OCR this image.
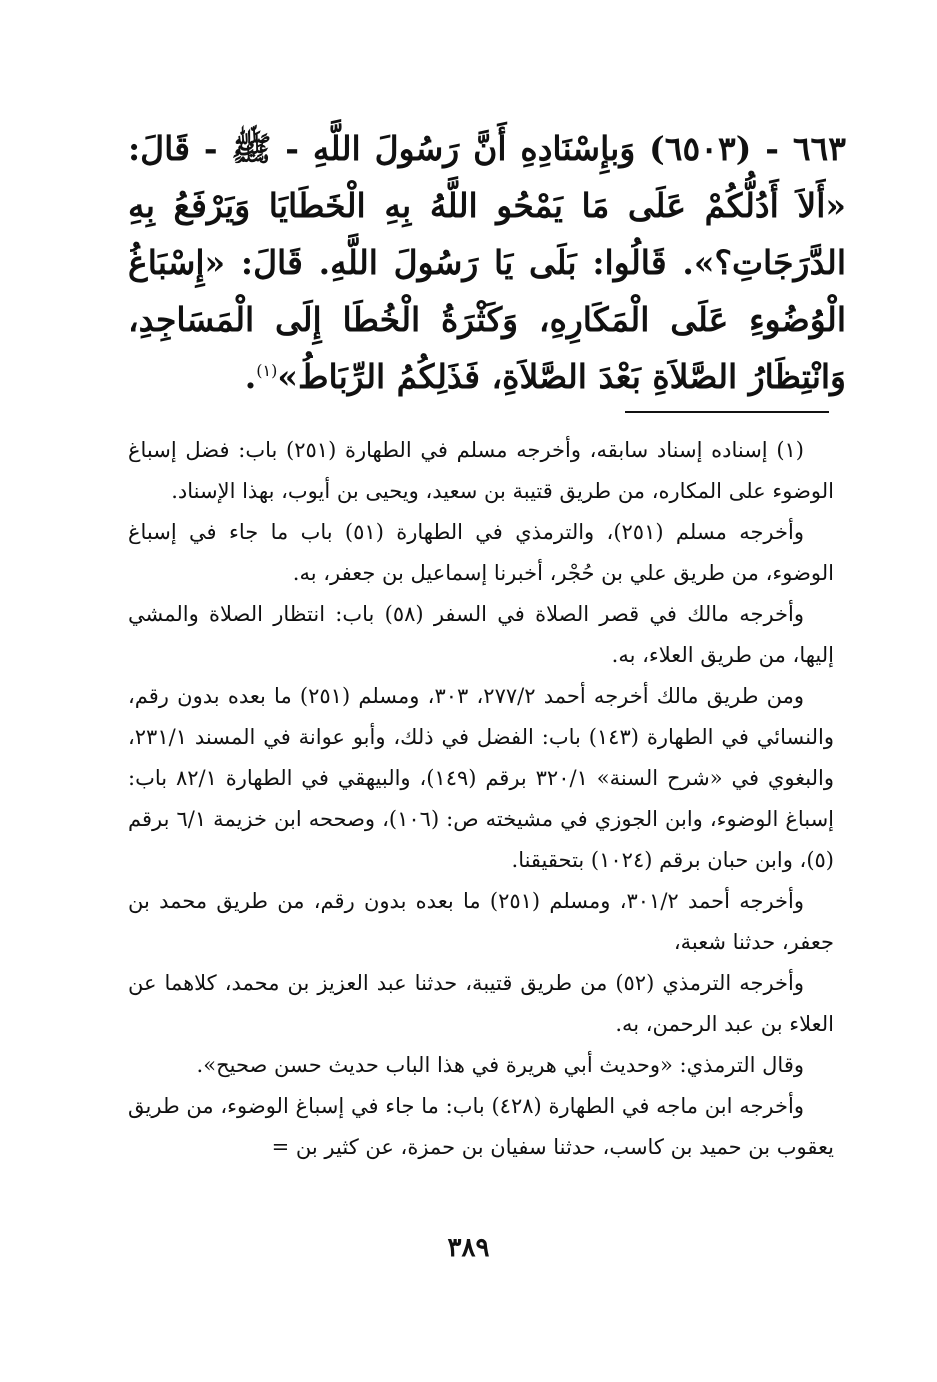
٦٦٣ - (٦٥٠٣) وَبإِسْنَادِهِ أَنَّ رَسُولَ اللَّهِ - ﷺ - قَالَ: «أَلاَ أَدُلُّكُمْ عَلَى مَا يَمْحُو اللَّهُ بِهِ الْخَطَايَا وَيَرْفَعُ بِهِ الدَّرَجَاتِ؟». قَالُوا: بَلَى يَا رَسُولَ اللَّهِ. قَالَ: «إِسْبَاغُ الْوُضُوءِ عَلَى الْمَكَارِهِ، وَكَثْرَةُ الْخُطَا إِلَى الْمَسَاجِدِ، وَانْتِظَارُ الصَّلاَةِ بَعْدَ الصَّلاَةِ، فَذَلِكُمُ الرِّبَاطُ»$^{(١)}$.

(١) إسناده إسناد سابقه، وأخرجه مسلم في الطهارة (٢٥١) باب: فضل إسباغ الوضوء على المكاره، من طريق قتيبة بن سعيد، ويحيى بن أيوب، بهذا الإسناد.

وأخرجه مسلم (٢٥١)، والترمذي في الطهارة (٥١) باب ما جاء في إسباغ الوضوء، من طريق علي بن حُجْر، أخبرنا إسماعيل بن جعفر، به.

وأخرجه مالك في قصر الصلاة في السفر (٥٨) باب: انتظار الصلاة والمشي إليها، من طريق العلاء، به.

ومن طريق مالك أخرجه أحمد ٢٧٧/٢، ٣٠٣، ومسلم (٢٥١) ما بعده بدون رقم، والنسائي في الطهارة (١٤٣) باب: الفضل في ذلك، وأبو عوانة في المسند ٢٣١/١، والبغوي في «شرح السنة» ٣٢٠/١ برقم (١٤٩)، والبيهقي في الطهارة ٨٢/١ باب: إسباغ الوضوء، وابن الجوزي في مشيخته ص: (١٠٦)، وصححه ابن خزيمة ٦/١ برقم (٥)، وابن حبان برقم (١٠٢٤) بتحقيقنا.

وأخرجه أحمد ٣٠١/٢، ومسلم (٢٥١) ما بعده بدون رقم، من طريق محمد بن جعفر، حدثنا شعبة،

وأخرجه الترمذي (٥٢) من طريق قتيبة، حدثنا عبد العزيز بن محمد، كلاهما عن العلاء بن عبد الرحمن، به.

وقال الترمذي: «وحديث أبي هريرة في هذا الباب حديث حسن صحيح».

وأخرجه ابن ماجه في الطهارة (٤٢٨) باب: ما جاء في إسباغ الوضوء، من طريق يعقوب بن حميد بن كاسب، حدثنا سفيان بن حمزة، عن كثير بن =

٣٨٩
